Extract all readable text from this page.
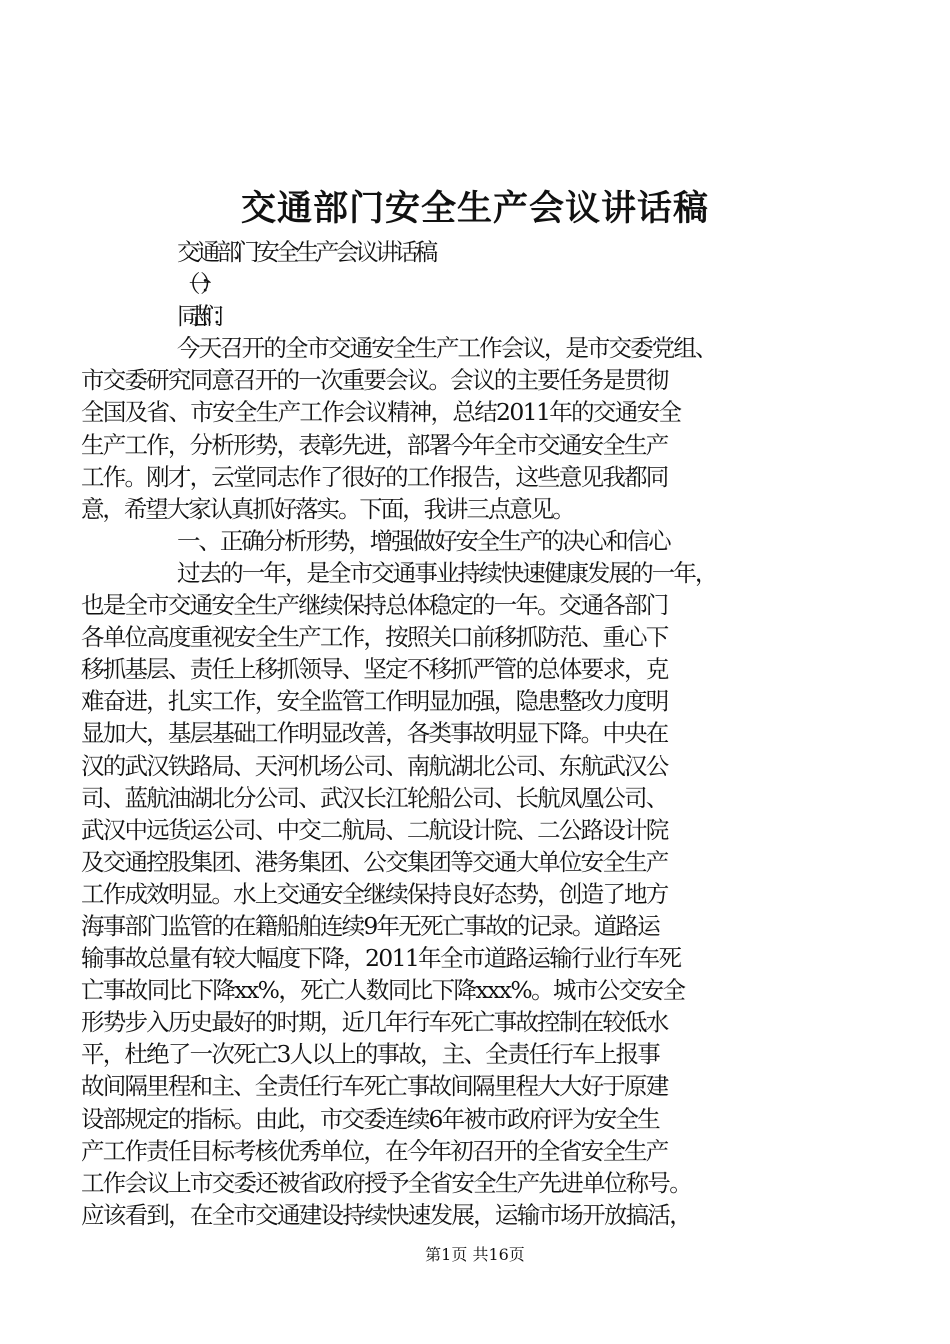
交通部门安全生产会议讲话稿

交通部门安全生产会议讲话稿

（一）：

同志们：

今天召开的全市交通安全生产工作会议，是市交委党组、
市交委研究同意召开的一次重要会议。会议的主要任务是贯彻
全国及省、市安全生产工作会议精神，总结2011年的交通安全
生产工作，分析形势，表彰先进，部署今年全市交通安全生产
工作。刚才，云堂同志作了很好的工作报告，这些意见我都同
意，希望大家认真抓好落实。下面，我讲三点意见。

一、正确分析形势，增强做好安全生产的决心和信心

过去的一年，是全市交通事业持续快速健康发展的一年，
也是全市交通安全生产继续保持总体稳定的一年。交通各部门
各单位高度重视安全生产工作，按照关口前移抓防范、重心下
移抓基层、责任上移抓领导、坚定不移抓严管的总体要求，克
难奋进，扎实工作，安全监管工作明显加强，隐患整改力度明
显加大，基层基础工作明显改善，各类事故明显下降。中央在
汉的武汉铁路局、天河机场公司、南航湖北公司、东航武汉公
司、蓝航油湖北分公司、武汉长江轮船公司、长航凤凰公司、
武汉中远货运公司、中交二航局、二航设计院、二公路设计院
及交通控股集团、港务集团、公交集团等交通大单位安全生产
工作成效明显。水上交通安全继续保持良好态势，创造了地方
海事部门监管的在籍船舶连续9年无死亡事故的记录。道路运
输事故总量有较大幅度下降，2011年全市道路运输行业行车死
亡事故同比下降xx%，死亡人数同比下降xxx%。城市公交安全
形势步入历史最好的时期，近几年行车死亡事故控制在较低水
平，杜绝了一次死亡3人以上的事故，主、全责任行车上报事
故间隔里程和主、全责任行车死亡事故间隔里程大大好于原建
设部规定的指标。由此，市交委连续6年被市政府评为安全生
产工作责任目标考核优秀单位，在今年初召开的全省安全生产
工作会议上市交委还被省政府授予全省安全生产先进单位称号。
应该看到，在全市交通建设持续快速发展，运输市场开放搞活，

第1页 共16页
